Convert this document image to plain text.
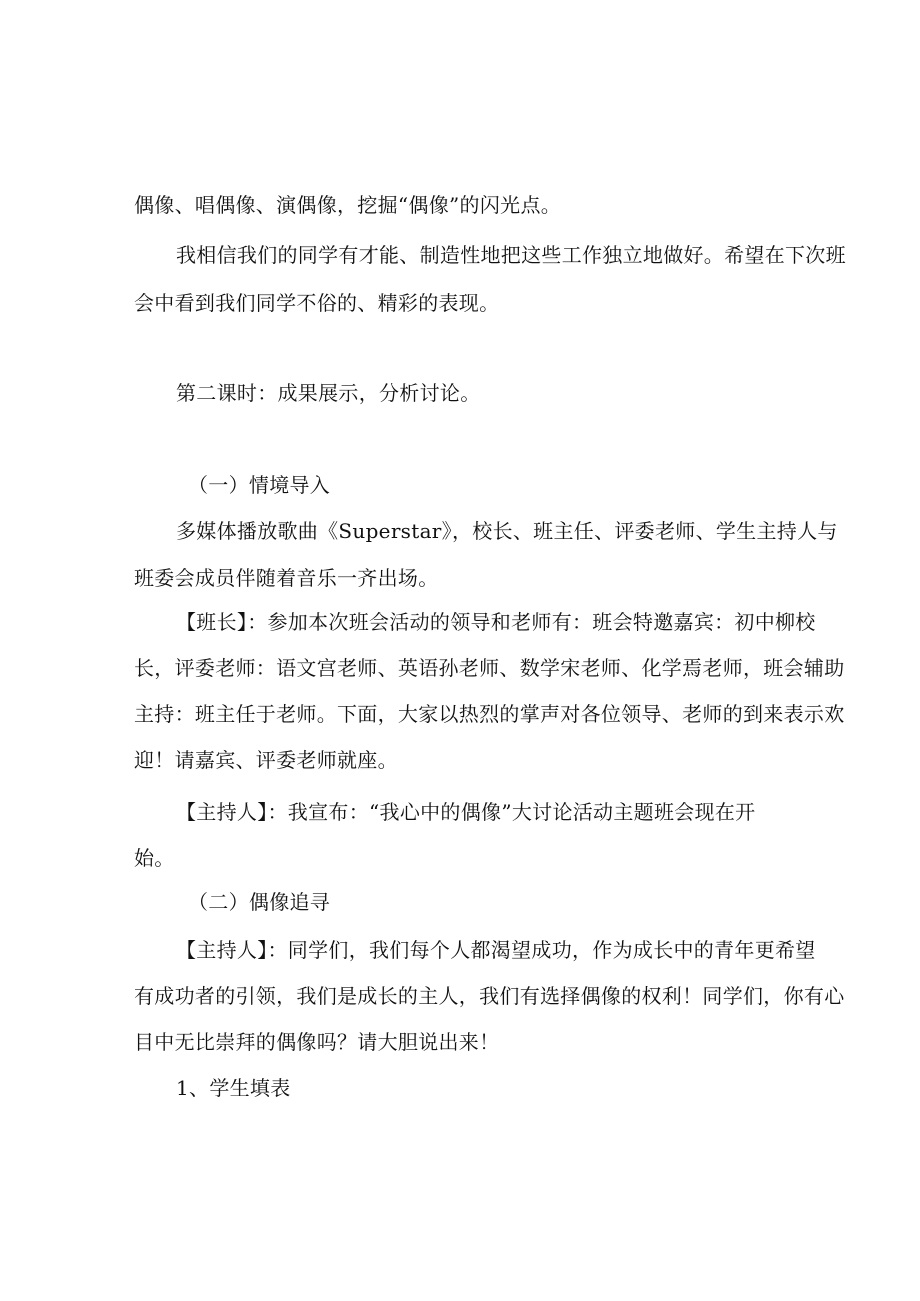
偶像、唱偶像、演偶像，挖掘“偶像”的闪光点。
我相信我们的同学有才能、制造性地把这些工作独立地做好。希望在下次班
会中看到我们同学不俗的、精彩的表现。
第二课时：成果展示，分析讨论。
（一）情境导入
多媒体播放歌曲《Superstar》，校长、班主任、评委老师、学生主持人与
班委会成员伴随着音乐一齐出场。
【班长】：参加本次班会活动的领导和老师有：班会特邀嘉宾：初中柳校
长，评委老师：语文宫老师、英语孙老师、数学宋老师、化学焉老师，班会辅助
主持：班主任于老师。下面，大家以热烈的掌声对各位领导、老师的到来表示欢
迎！请嘉宾、评委老师就座。
【主持人】：我宣布：“我心中的偶像”大讨论活动主题班会现在开
始。
（二）偶像追寻
【主持人】：同学们，我们每个人都渴望成功，作为成长中的青年更希望
有成功者的引领，我们是成长的主人，我们有选择偶像的权利！同学们，你有心
目中无比崇拜的偶像吗？请大胆说出来！
1、学生填表
